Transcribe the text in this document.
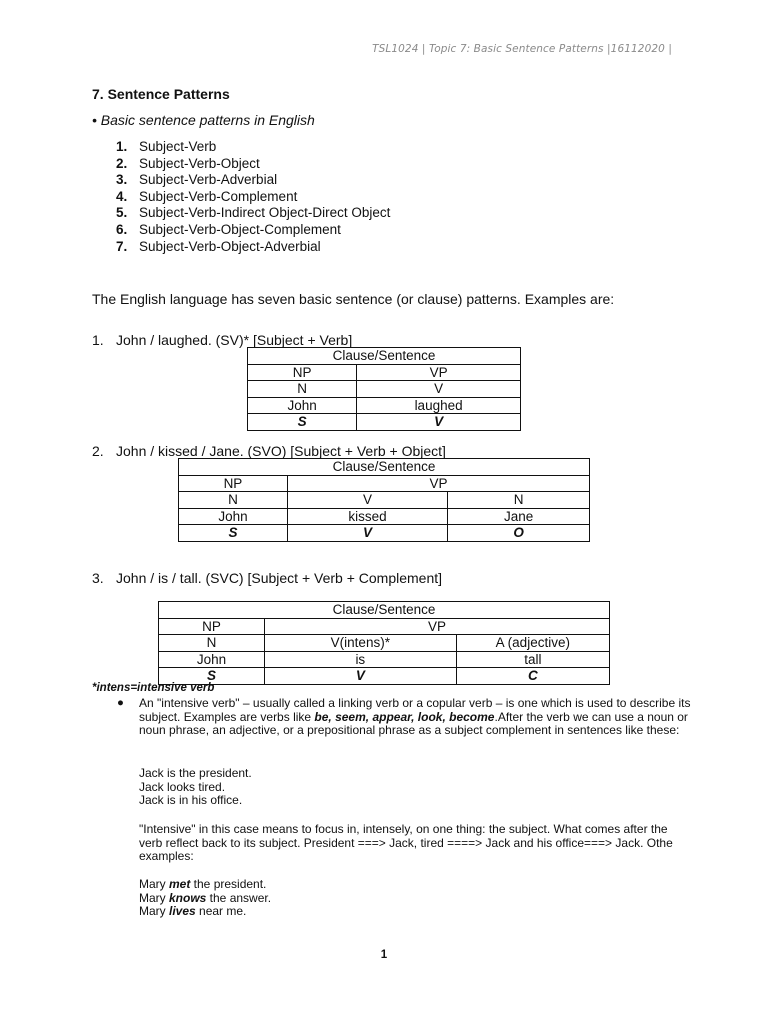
TSL1024 | Topic 7: Basic Sentence Patterns |16112020 |
7. Sentence Patterns
• Basic sentence patterns in English
1. Subject-Verb
2. Subject-Verb-Object
3. Subject-Verb-Adverbial
4. Subject-Verb-Complement
5. Subject-Verb-Indirect Object-Direct Object
6. Subject-Verb-Object-Complement
7. Subject-Verb-Object-Adverbial
The English language has seven basic sentence (or clause) patterns. Examples are:
1. John / laughed. (SV)* [Subject + Verb]
Clause/Sentence	
NP	VP
N	V
John	laughed
S	V
2. John / kissed / Jane. (SVO) [Subject + Verb + Object]
Clause/Sentence		
NP	VP	
N	V	N
John	kissed	Jane
S	V	O
3. John / is / tall. (SVC) [Subject + Verb + Complement]
Clause/Sentence		
NP	VP	
N	V(intens)*	A (adjective)
John	is	tall
S	V	C
*intens=intensive verb
● An "intensive verb" – usually called a linking verb or a copular verb – is one which is used to describe its subject. Examples are verbs like be, seem, appear, look, become.After the verb we can use a noun or noun phrase, an adjective, or a prepositional phrase as a subject complement in sentences like these:
Jack is the president.
Jack looks tired.
Jack is in his office.
"Intensive" in this case means to focus in, intensely, on one thing: the subject. What comes after the verb reflect back to its subject. President ===> Jack, tired ====> Jack and his office===> Jack. Othe examples:
Mary met the president.
Mary knows the answer.
Mary lives near me.
1
